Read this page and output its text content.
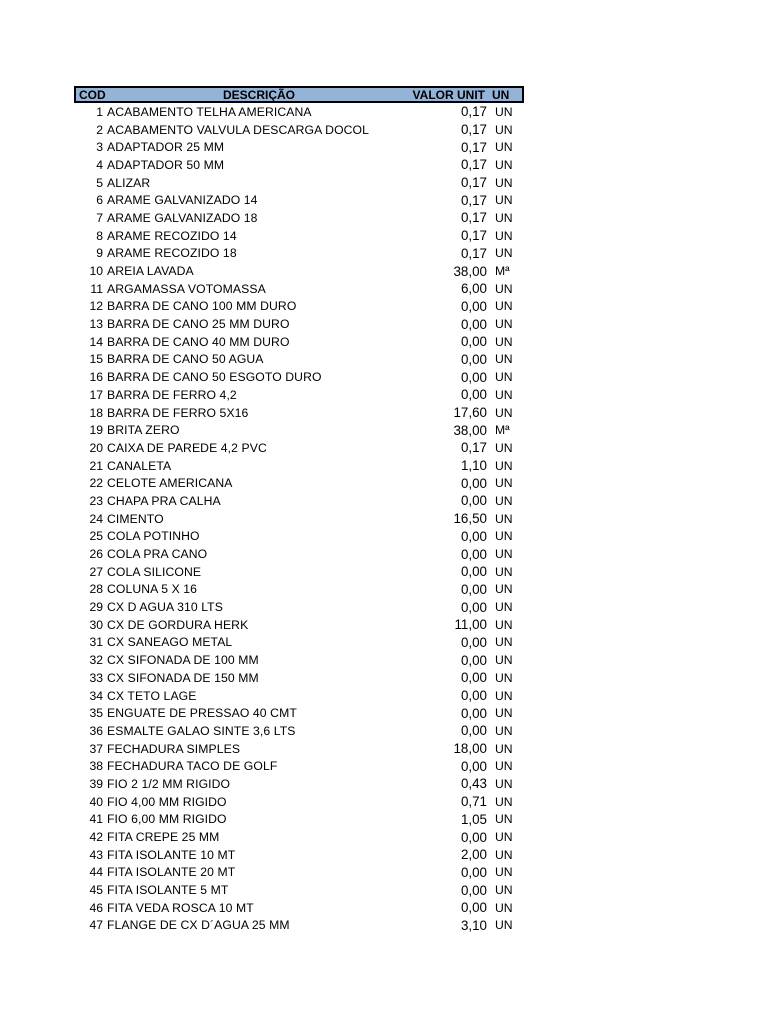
COD	DESCRIÇÃO	VALOR UNIT UN
1 ACABAMENTO TELHA AMERICANA	0,17 UN
2 ACABAMENTO VALVULA DESCARGA DOCOL	0,17 UN
3 ADAPTADOR 25 MM	0,17 UN
4 ADAPTADOR 50 MM	0,17 UN
5 ALIZAR	0,17 UN
6 ARAME GALVANIZADO 14	0,17 UN
7 ARAME GALVANIZADO 18	0,17 UN
8 ARAME RECOZIDO 14	0,17 UN
9 ARAME RECOZIDO 18	0,17 UN
10 AREIA LAVADA	38,00 Mª
11 ARGAMASSA VOTOMASSA	6,00 UN
12 BARRA DE CANO 100 MM DURO	0,00 UN
13 BARRA DE CANO 25 MM DURO	0,00 UN
14 BARRA DE CANO 40 MM DURO	0,00 UN
15 BARRA DE CANO 50 AGUA	0,00 UN
16 BARRA DE CANO 50 ESGOTO DURO	0,00 UN
17 BARRA DE FERRO 4,2	0,00 UN
18 BARRA DE FERRO 5X16	17,60 UN
19 BRITA ZERO	38,00 Mª
20 CAIXA DE PAREDE 4,2 PVC	0,17 UN
21 CANALETA	1,10 UN
22 CELOTE AMERICANA	0,00 UN
23 CHAPA PRA CALHA	0,00 UN
24 CIMENTO	16,50 UN
25 COLA POTINHO	0,00 UN
26 COLA PRA CANO	0,00 UN
27 COLA SILICONE	0,00 UN
28 COLUNA 5 X 16	0,00 UN
29 CX D AGUA 310 LTS	0,00 UN
30 CX DE GORDURA HERK	11,00 UN
31 CX SANEAGO METAL	0,00 UN
32 CX SIFONADA DE 100 MM	0,00 UN
33 CX SIFONADA DE 150 MM	0,00 UN
34 CX TETO LAGE	0,00 UN
35 ENGUATE DE PRESSAO 40 CMT	0,00 UN
36 ESMALTE GALAO SINTE 3,6 LTS	0,00 UN
37 FECHADURA SIMPLES	18,00 UN
38 FECHADURA TACO DE GOLF	0,00 UN
39 FIO 2 1/2 MM RIGIDO	0,43 UN
40 FIO 4,00 MM RIGIDO	0,71 UN
41 FIO 6,00 MM RIGIDO	1,05 UN
42 FITA CREPE 25 MM	0,00 UN
43 FITA ISOLANTE 10 MT	2,00 UN
44 FITA ISOLANTE 20 MT	0,00 UN
45 FITA ISOLANTE 5 MT	0,00 UN
46 FITA VEDA ROSCA 10 MT	0,00 UN
47 FLANGE DE CX D´AGUA 25 MM	3,10 UN
